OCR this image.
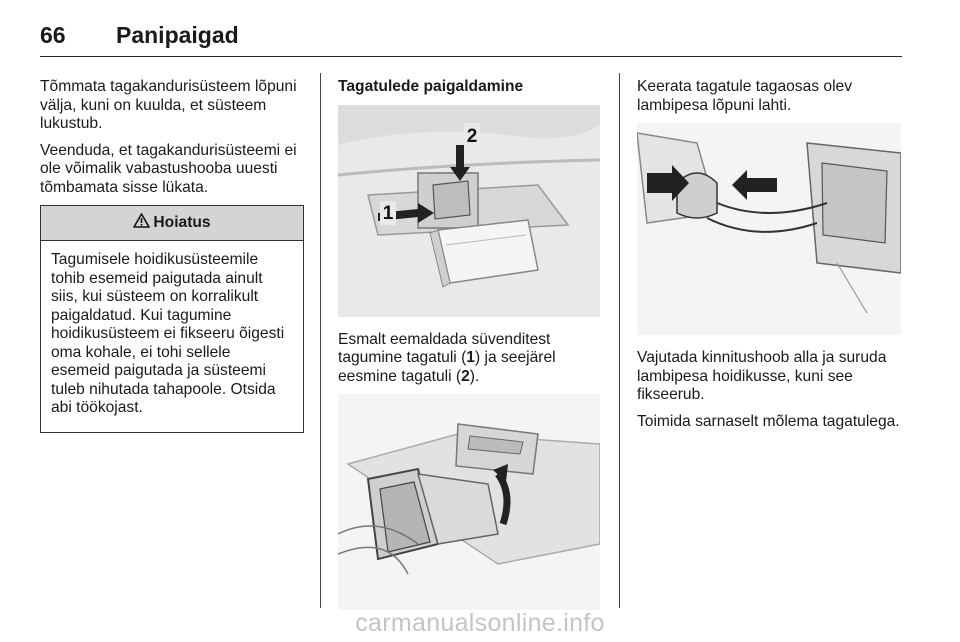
66	Panipaigad

Tõmmata tagakandurisüsteem lõpuni välja, kuni on kuulda, et süsteem lukustub.

Veenduda, et tagakandurisüsteemi ei ole võimalik vabastushooba uuesti tõmbamata sisse lükata.

Hoiatus
Tagumisele hoidikusüsteemile tohib esemeid paigutada ainult siis, kui süsteem on korralikult paigaldatud. Kui tagumine hoidikusüsteem ei fikseeru õigesti oma kohale, ei tohi sellele esemeid paigutada ja süsteemi tuleb nihutada tahapoole. Otsida abi töökojast.
Tagatulede paigaldamine
1
2

Esmalt eemaldada süvenditest tagumine tagatuli (1) ja seejärel eesmine tagatuli (2).

Keerata tagatule tagaosas olev lambipesa lõpuni lahti.

Vajutada kinnitushoob alla ja suruda lambipesa hoidikusse, kuni see fikseerub.

Toimida sarnaselt mõlema tagatulega.

carmanualsonline.info
